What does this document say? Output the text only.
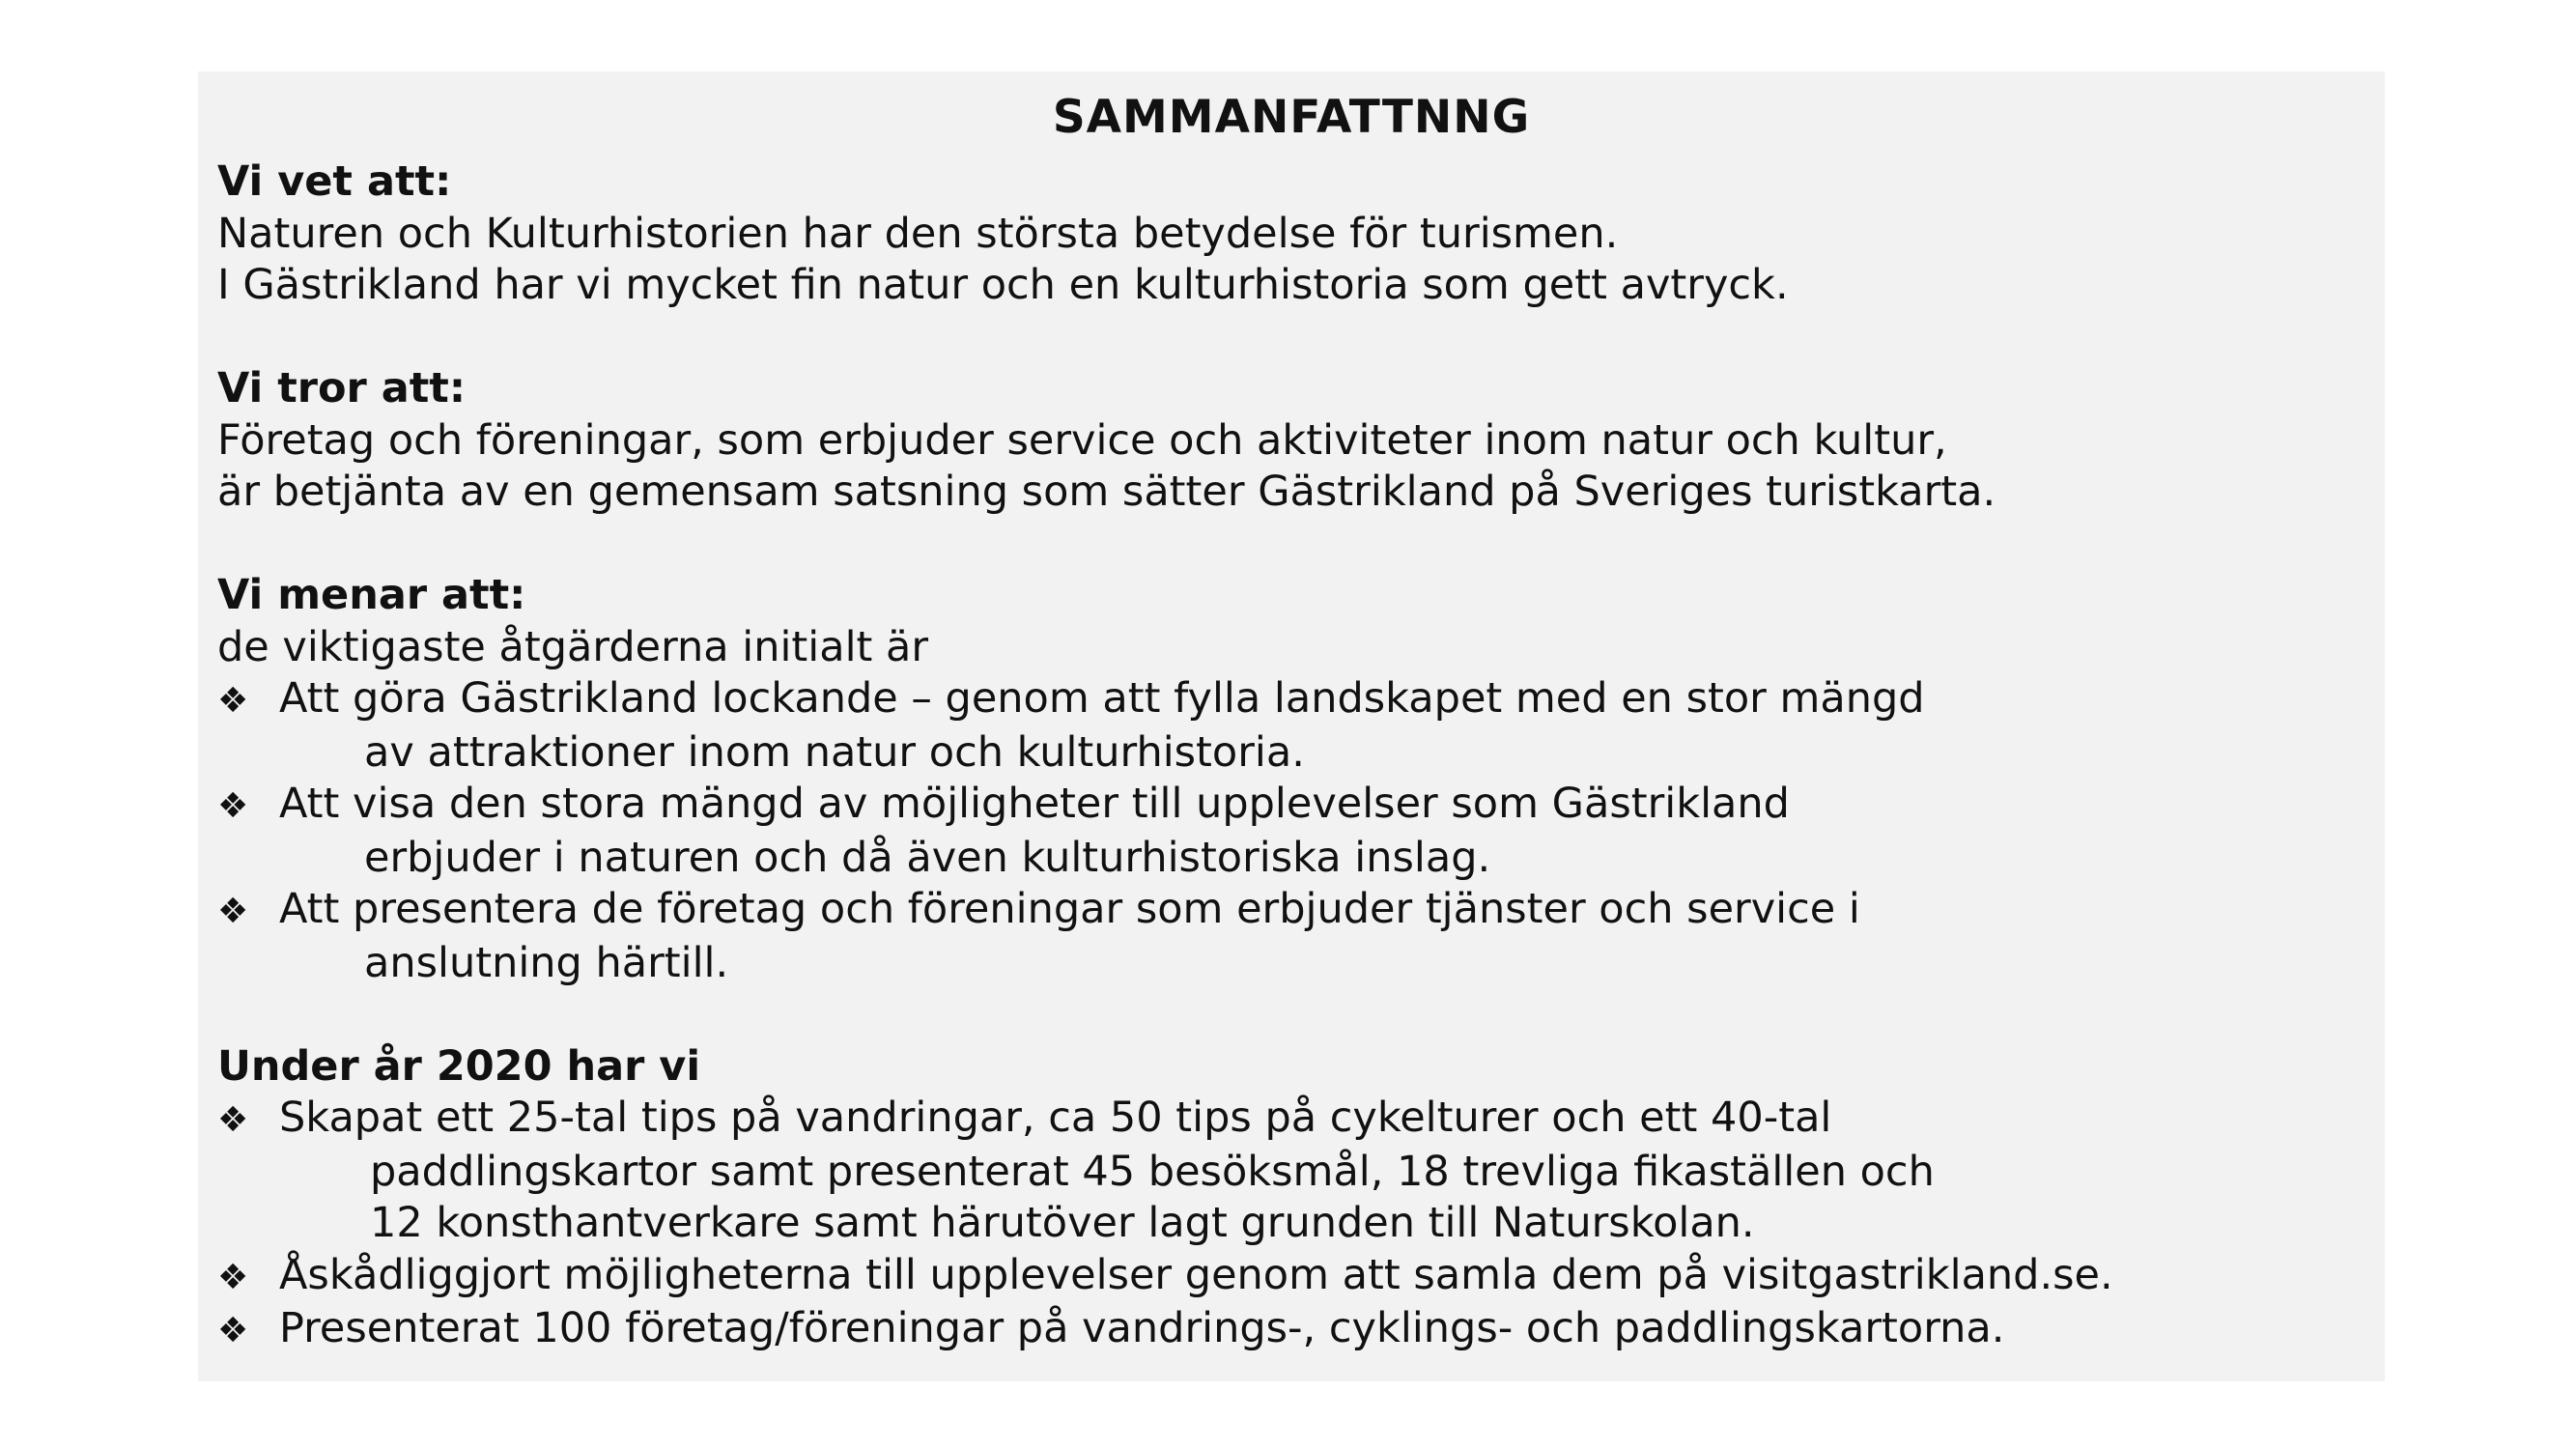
SAMMANFATTNNG
Vi vet att:
Naturen och Kulturhistorien har den största betydelse för turismen.
I Gästrikland har vi mycket fin natur och en kulturhistoria som gett avtryck.
Vi tror att:
Företag och föreningar, som erbjuder service och aktiviteter inom natur och kultur,
är betjänta av en gemensam satsning som sätter Gästrikland på Sveriges turistkarta.
Vi menar att:
de viktigaste åtgärderna initialt är
❖ Att göra Gästrikland lockande – genom att fylla landskapet med en stor mängd
av attraktioner inom natur och kulturhistoria.
❖ Att visa den stora mängd av möjligheter till upplevelser som Gästrikland
erbjuder i naturen och då även kulturhistoriska inslag.
❖ Att presentera de företag och föreningar som erbjuder tjänster och service i
anslutning härtill.
Under år 2020 har vi
❖ Skapat ett 25-tal tips på vandringar, ca 50 tips på cykelturer och ett 40-tal
paddlingskartor samt presenterat 45 besöksmål, 18 trevliga fikaställen och
12 konsthantverkare samt härutöver lagt grunden till Naturskolan.
❖ Åskådliggjort möjligheterna till upplevelser genom att samla dem på visitgastrikland.se.
❖ Presenterat 100 företag/föreningar på vandrings-, cyklings- och paddlingskartorna.
